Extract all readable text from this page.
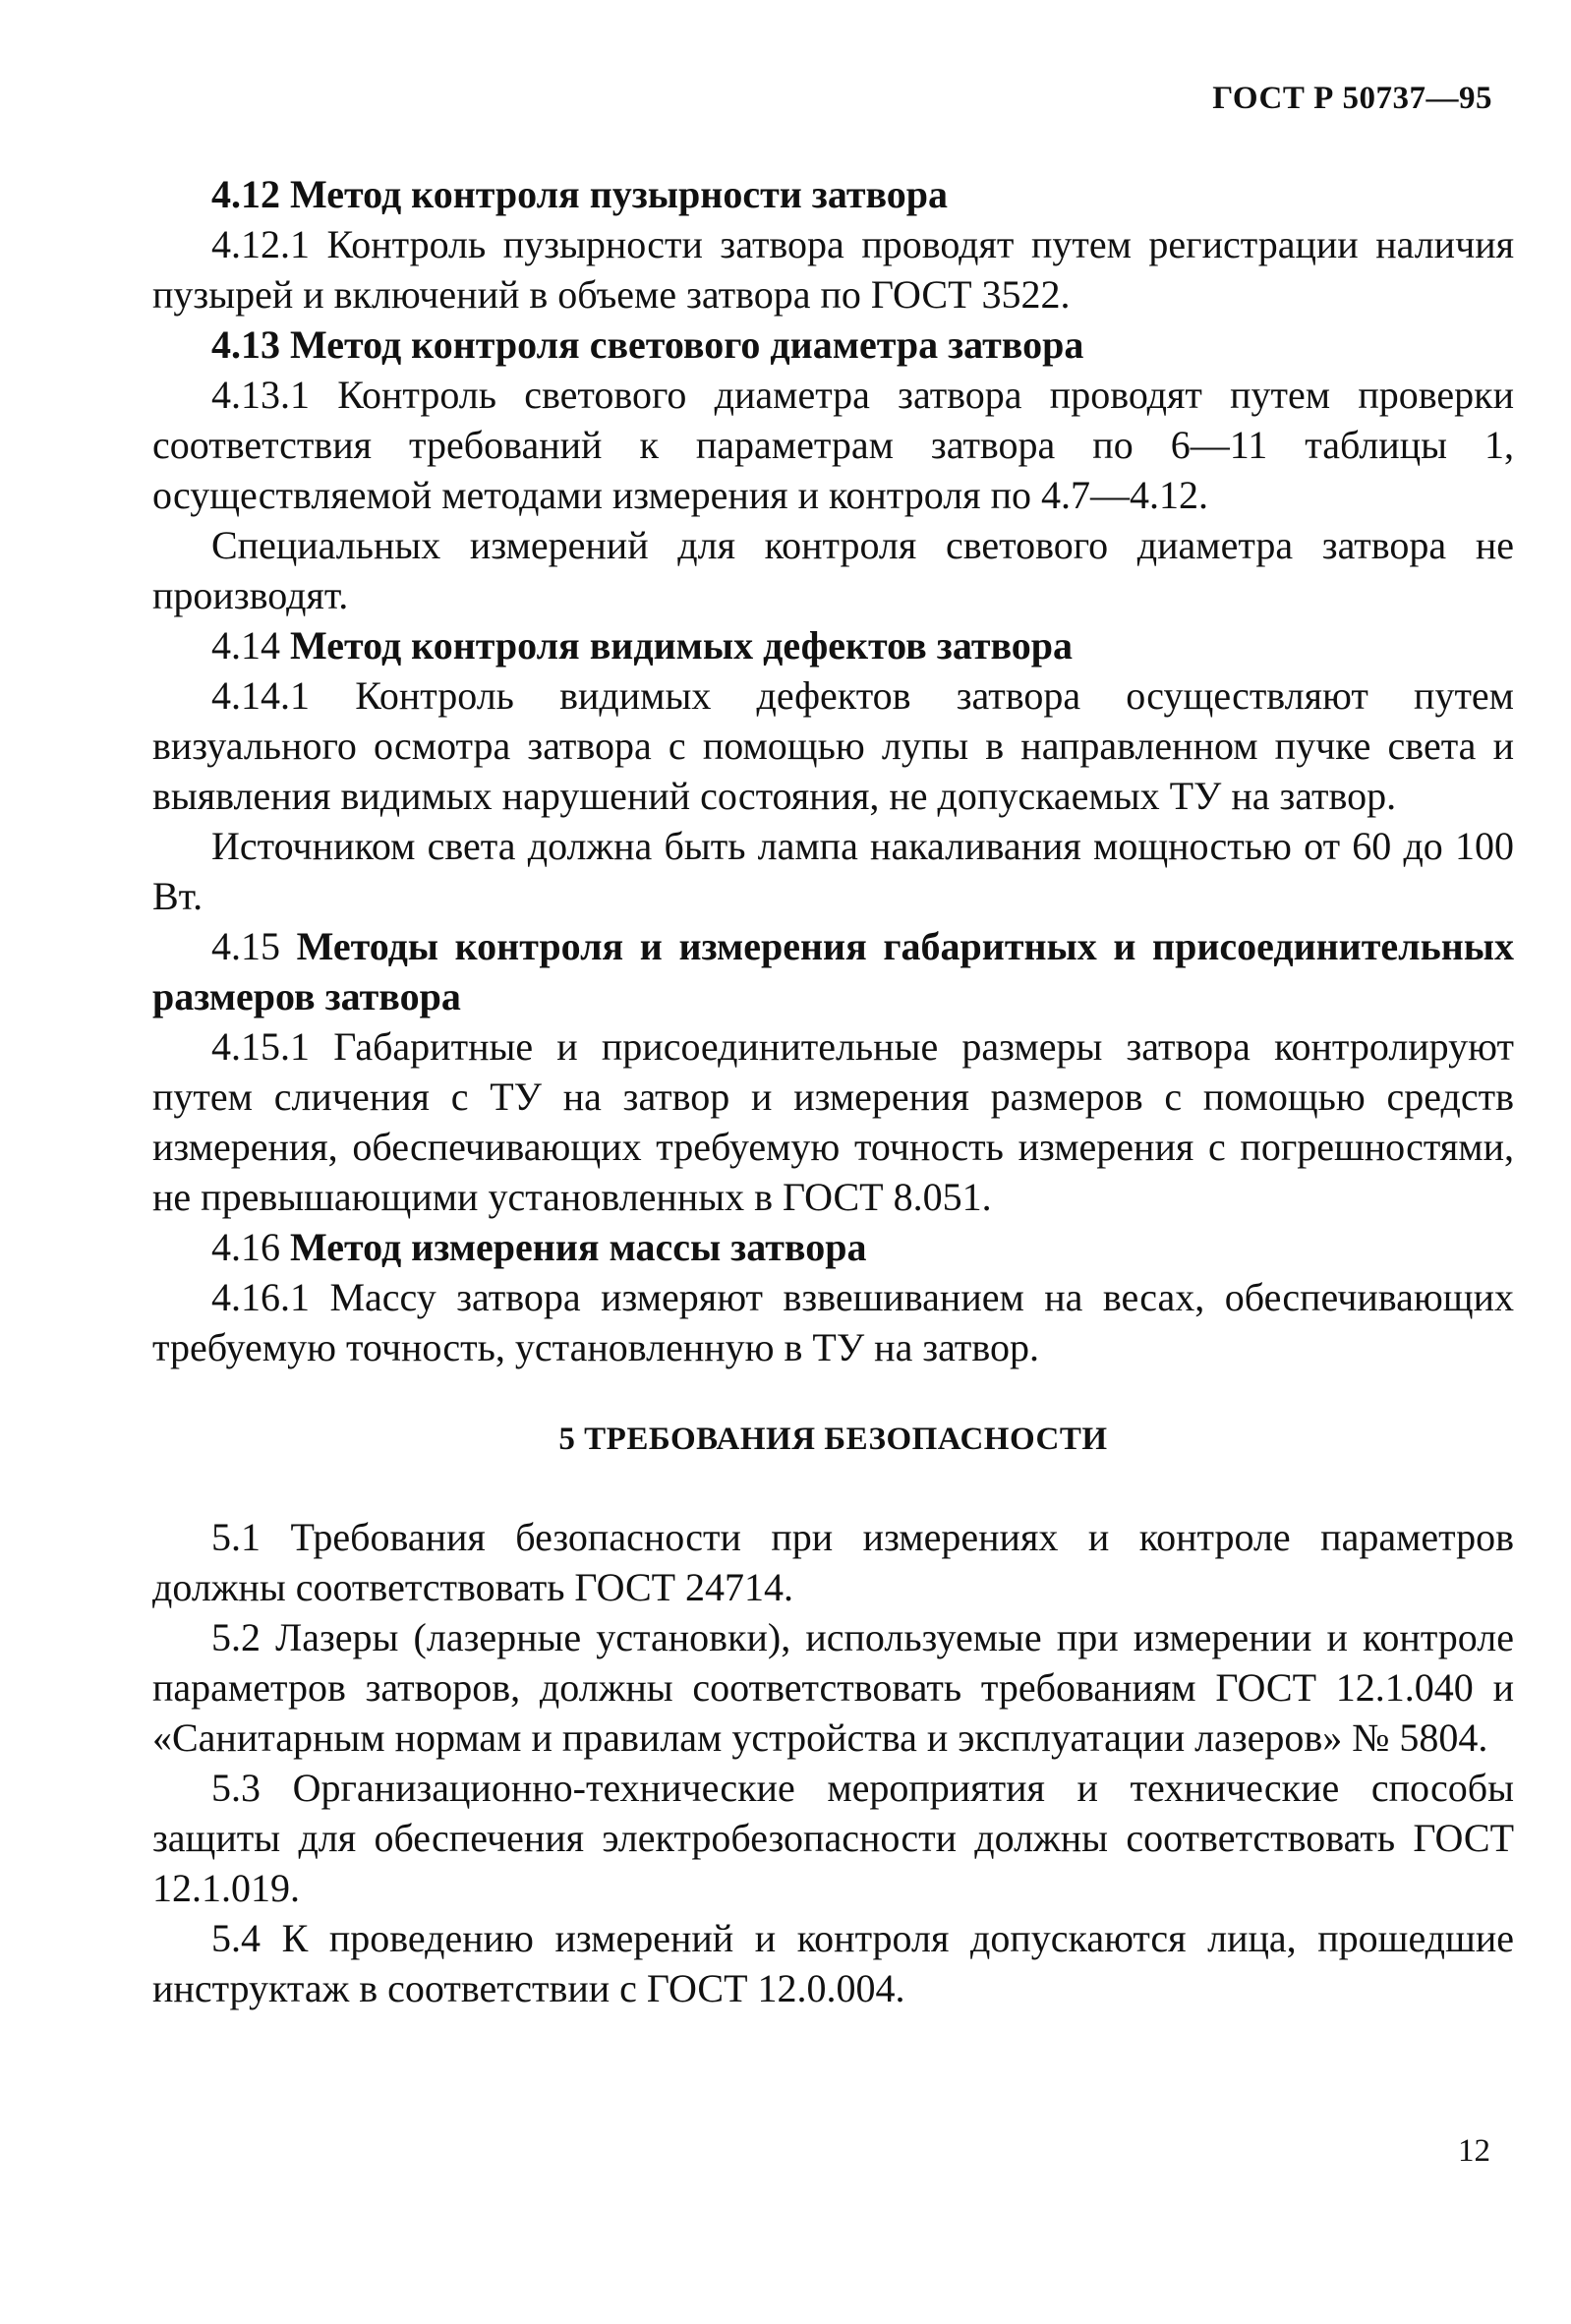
ГОСТ Р 50737—95

4.12 Метод контроля пузырности затвора

4.12.1 Контроль пузырности затвора проводят путем регистрации наличия пузырей и включений в объеме затвора по ГОСТ 3522.

4.13 Метод контроля светового диаметра затвора

4.13.1 Контроль светового диаметра затвора проводят путем проверки соответствия требований к параметрам затвора по 6—11 таблицы 1, осуществляемой методами измерения и контроля по 4.7—4.12.

Специальных измерений для контроля светового диаметра затвора не производят.

4.14 Метод контроля видимых дефектов затвора

4.14.1 Контроль видимых дефектов затвора осуществляют путем визуального осмотра затвора с помощью лупы в направленном пучке света и выявления видимых нарушений состояния, не допускаемых ТУ на затвор.

Источником света должна быть лампа накаливания мощностью от 60 до 100 Вт.

4.15 Методы контроля и измерения габаритных и присоединительных размеров затвора

4.15.1 Габаритные и присоединительные размеры затвора контролируют путем сличения с ТУ на затвор и измерения размеров с помощью средств измерения, обеспечивающих требуемую точность измерения с погрешностями, не превышающими установленных в ГОСТ 8.051.

4.16 Метод измерения массы затвора

4.16.1 Массу затвора измеряют взвешиванием на весах, обеспечивающих требуемую точность, установленную в ТУ на затвор.

5 ТРЕБОВАНИЯ БЕЗОПАСНОСТИ

5.1 Требования безопасности при измерениях и контроле параметров должны соответствовать ГОСТ 24714.

5.2 Лазеры (лазерные установки), используемые при измерении и контроле параметров затворов, должны соответствовать требованиям ГОСТ 12.1.040 и «Санитарным нормам и правилам устройства и эксплуатации лазеров» № 5804.

5.3 Организационно-технические мероприятия и технические способы защиты для обеспечения электробезопасности должны соответствовать ГОСТ 12.1.019.

5.4 К проведению измерений и контроля допускаются лица, прошедшие инструктаж в соответствии с ГОСТ 12.0.004.

12
